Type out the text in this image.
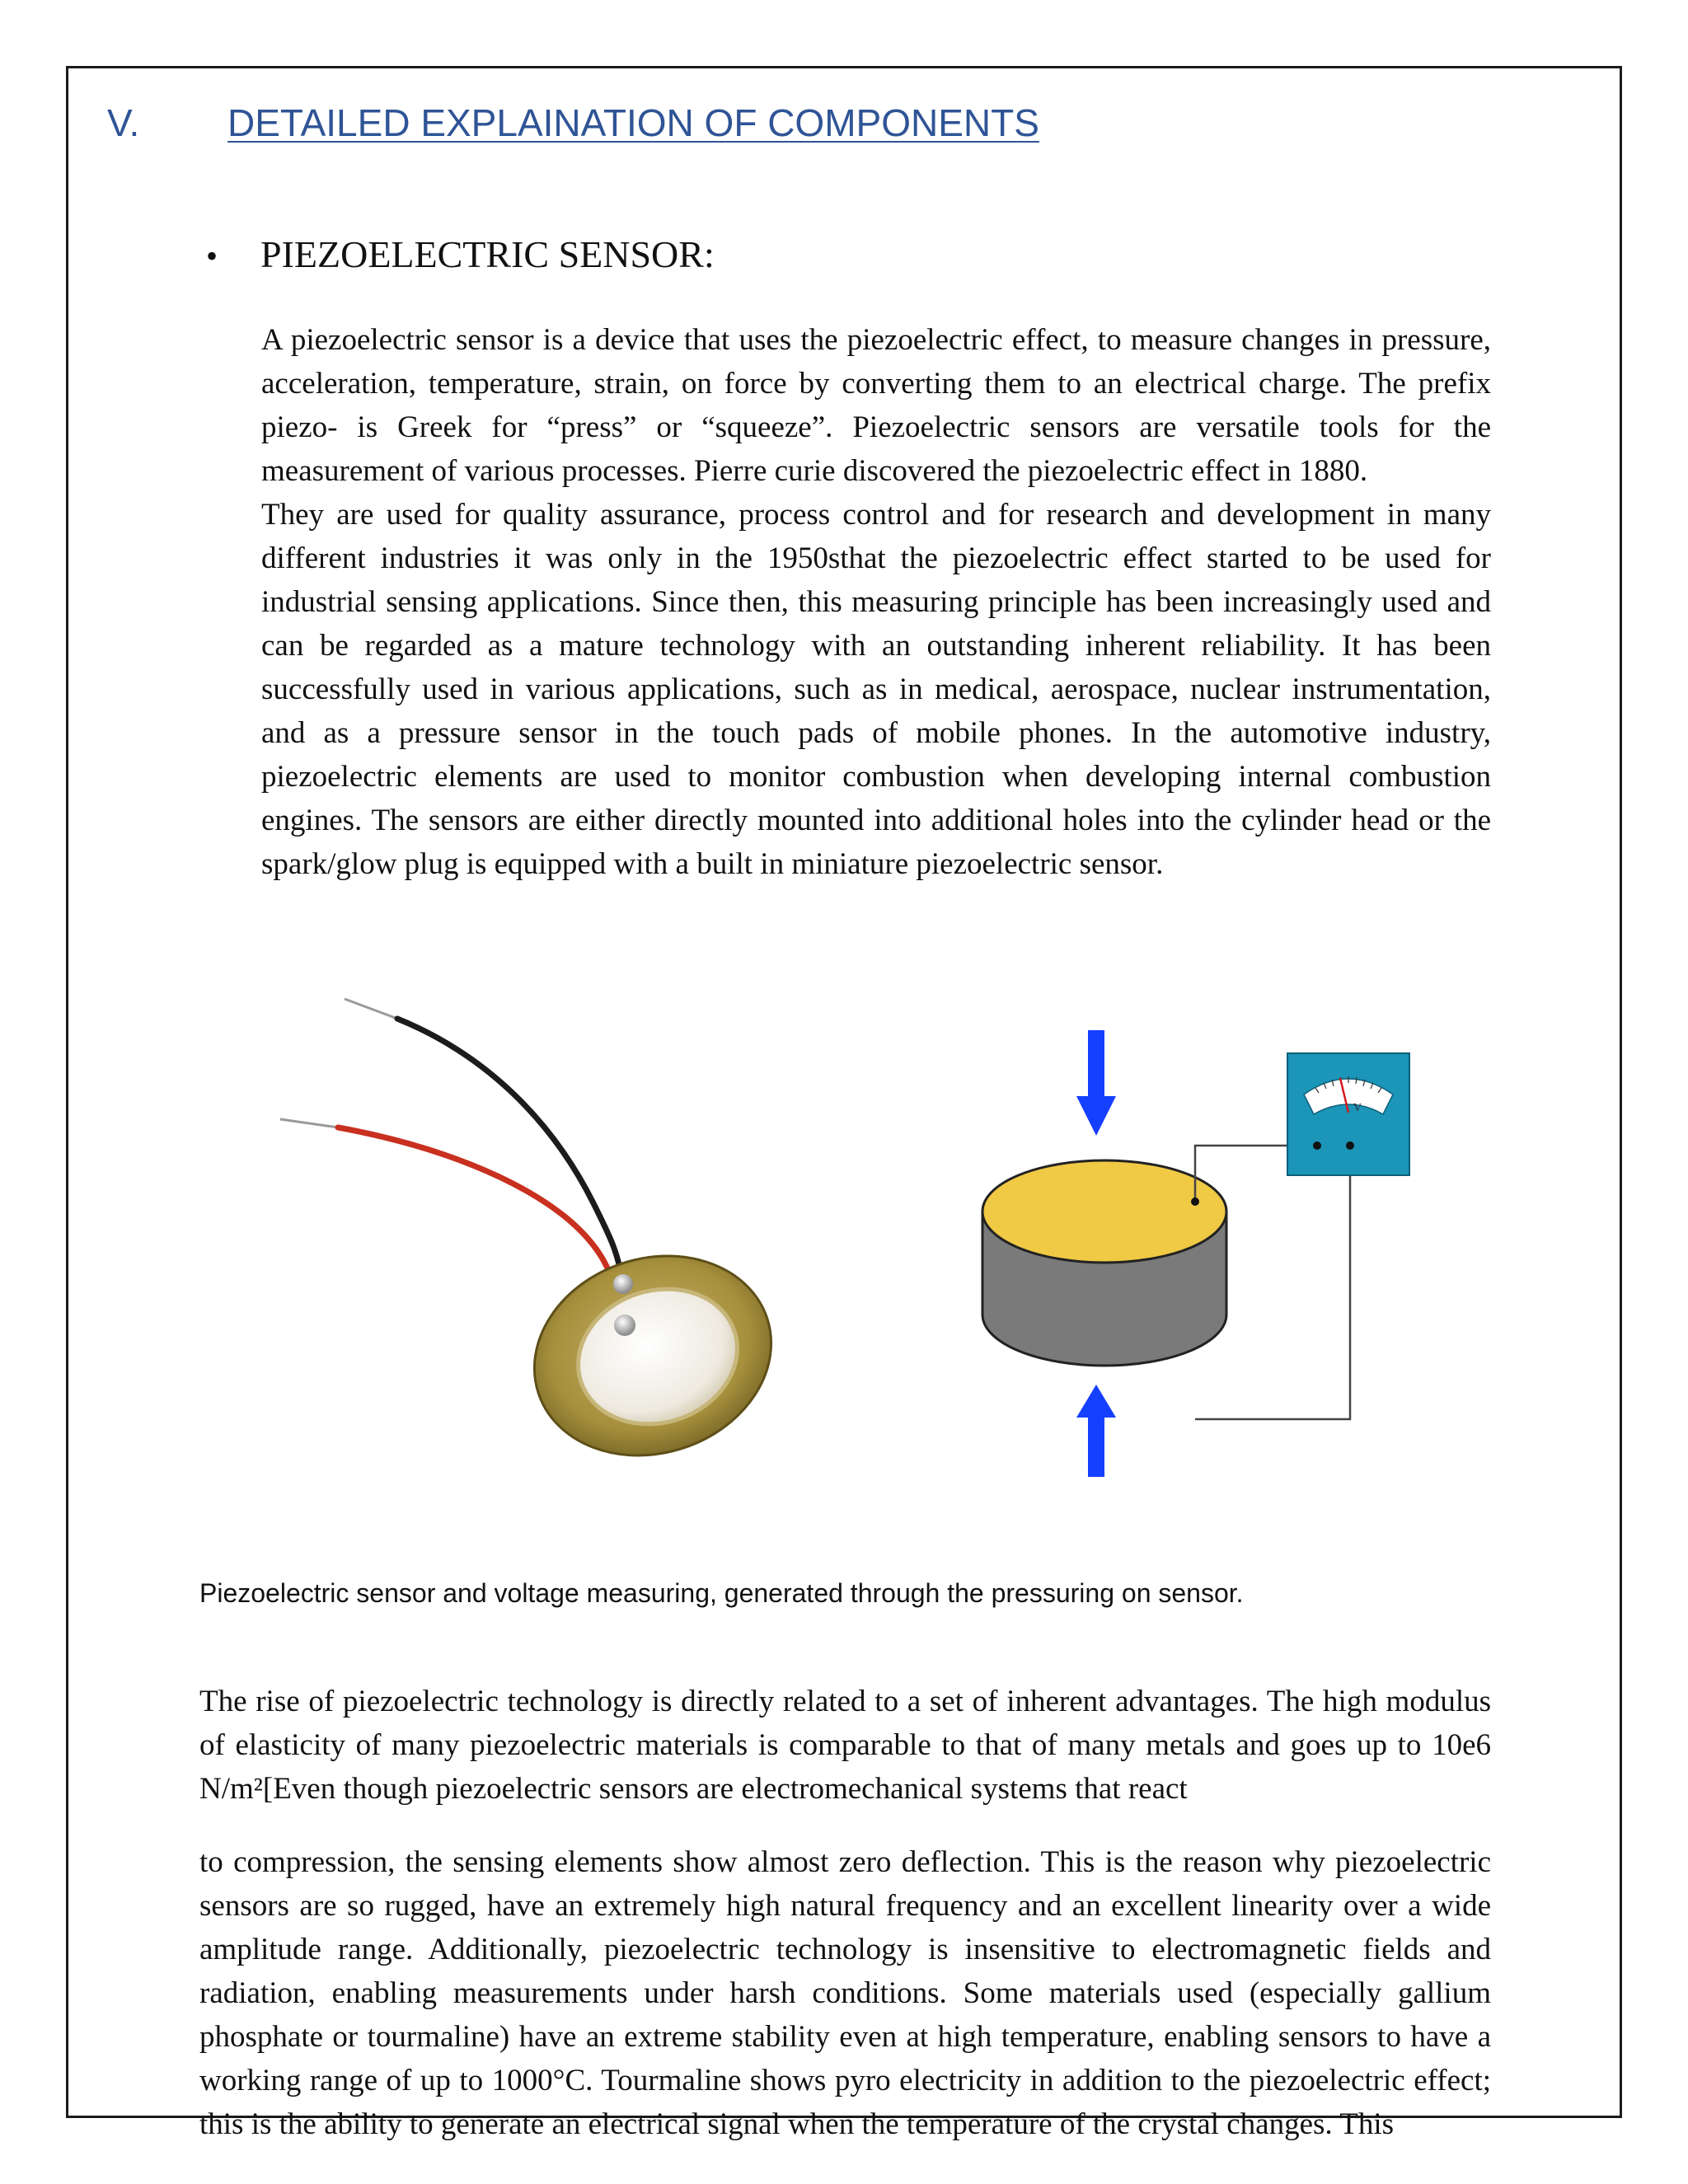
V. DETAILED EXPLAINATION OF COMPONENTS
• PIEZOELECTRIC SENSOR:

A piezoelectric sensor is a device that uses the piezoelectric effect, to measure changes in pressure, acceleration, temperature, strain, on force by converting them to an electrical charge. The prefix piezo- is Greek for “press” or “squeeze”. Piezoelectric sensors are versatile tools for the measurement of various processes. Pierre curie discovered the piezoelectric effect in 1880.

They are used for quality assurance, process control and for research and development in many different industries it was only in the 1950sthat the piezoelectric effect started to be used for industrial sensing applications. Since then, this measuring principle has been increasingly used and can be regarded as a mature technology with an outstanding inherent reliability. It has been successfully used in various applications, such as in medical, aerospace, nuclear instrumentation, and as a pressure sensor in the touch pads of mobile phones. In the automotive industry, piezoelectric elements are used to monitor combustion when developing internal combustion engines. The sensors are either directly mounted into additional holes into the cylinder head or the spark/glow plug is equipped with a built in miniature piezoelectric sensor.

V
Piezoelectric sensor and voltage measuring, generated through the pressuring on sensor.

The rise of piezoelectric technology is directly related to a set of inherent advantages. The high modulus of elasticity of many piezoelectric materials is comparable to that of many metals and goes up to 10e6 N/m²[Even though piezoelectric sensors are electromechanical systems that react

to compression, the sensing elements show almost zero deflection. This is the reason why piezoelectric sensors are so rugged, have an extremely high natural frequency and an excellent linearity over a wide amplitude range. Additionally, piezoelectric technology is insensitive to electromagnetic fields and radiation, enabling measurements under harsh conditions. Some materials used (especially gallium phosphate or tourmaline) have an extreme stability even at high temperature, enabling sensors to have a working range of up to 1000°C. Tourmaline shows pyro electricity in addition to the piezoelectric effect; this is the ability to generate an electrical signal when the temperature of the crystal changes. This
